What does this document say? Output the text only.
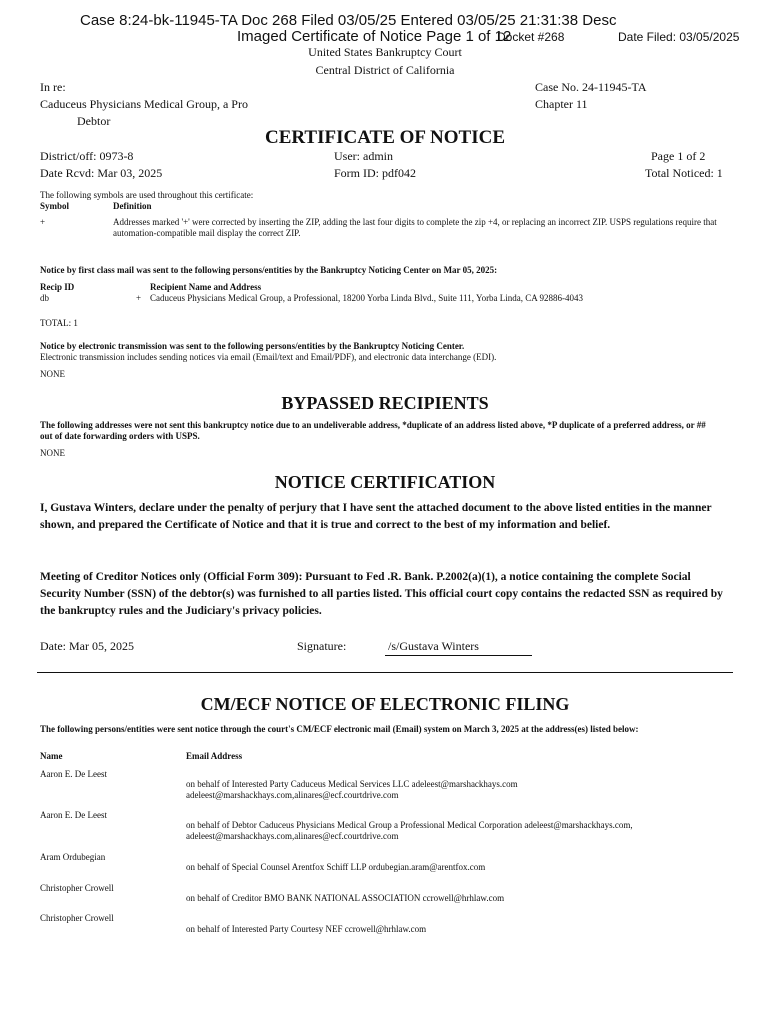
Case 8:24-bk-11945-TA Doc 268 Filed 03/05/25 Entered 03/05/25 21:31:38 Desc
Imaged Certificate of Notice Page 1 of 12
Docket #268	Date Filed: 03/05/2025
United States Bankruptcy Court
Central District of California
In re:
Caduceus Physicians Medical Group, a Pro
Debtor
Case No. 24-11945-TA
Chapter 11
CERTIFICATE OF NOTICE
District/off: 0973-8
Date Rcvd: Mar 03, 2025
User: admin
Form ID: pdf042
Page 1 of 2
Total Noticed: 1
The following symbols are used throughout this certificate:
Symbol	Definition
+	Addresses marked '+' were corrected by inserting the ZIP, adding the last four digits to complete the zip +4, or replacing an incorrect ZIP. USPS regulations require that automation-compatible mail display the correct ZIP.
Notice by first class mail was sent to the following persons/entities by the Bankruptcy Noticing Center on Mar 05, 2025:
Recip ID	Recipient Name and Address
db	+ Caduceus Physicians Medical Group, a Professional, 18200 Yorba Linda Blvd., Suite 111, Yorba Linda, CA 92886-4043
TOTAL: 1
Notice by electronic transmission was sent to the following persons/entities by the Bankruptcy Noticing Center.
Electronic transmission includes sending notices via email (Email/text and Email/PDF), and electronic data interchange (EDI).
NONE
BYPASSED RECIPIENTS
The following addresses were not sent this bankruptcy notice due to an undeliverable address, *duplicate of an address listed above, *P duplicate of a preferred address, or ## out of date forwarding orders with USPS.
NONE
NOTICE CERTIFICATION
I, Gustava Winters, declare under the penalty of perjury that I have sent the attached document to the above listed entities in the manner shown, and prepared the Certificate of Notice and that it is true and correct to the best of my information and belief.
Meeting of Creditor Notices only (Official Form 309): Pursuant to Fed .R. Bank. P.2002(a)(1), a notice containing the complete Social Security Number (SSN) of the debtor(s) was furnished to all parties listed. This official court copy contains the redacted SSN as required by the bankruptcy rules and the Judiciary's privacy policies.
Date: Mar 05, 2025	Signature:	/s/Gustava Winters
CM/ECF NOTICE OF ELECTRONIC FILING
The following persons/entities were sent notice through the court's CM/ECF electronic mail (Email) system on March 3, 2025 at the address(es) listed below:
Name	Email Address
Aaron E. De Leest
on behalf of Interested Party Caduceus Medical Services LLC adeleest@marshackhays.com
adeleest@marshackhays.com,alinares@ecf.courtdrive.com
Aaron E. De Leest
on behalf of Debtor Caduceus Physicians Medical Group a Professional Medical Corporation adeleest@marshackhays.com,
adeleest@marshackhays.com,alinares@ecf.courtdrive.com
Aram Ordubegian
on behalf of Special Counsel Arentfox Schiff LLP ordubegian.aram@arentfox.com
Christopher Crowell
on behalf of Creditor BMO BANK NATIONAL ASSOCIATION ccrowell@hrhlaw.com
Christopher Crowell
on behalf of Interested Party Courtesy NEF ccrowell@hrhlaw.com
